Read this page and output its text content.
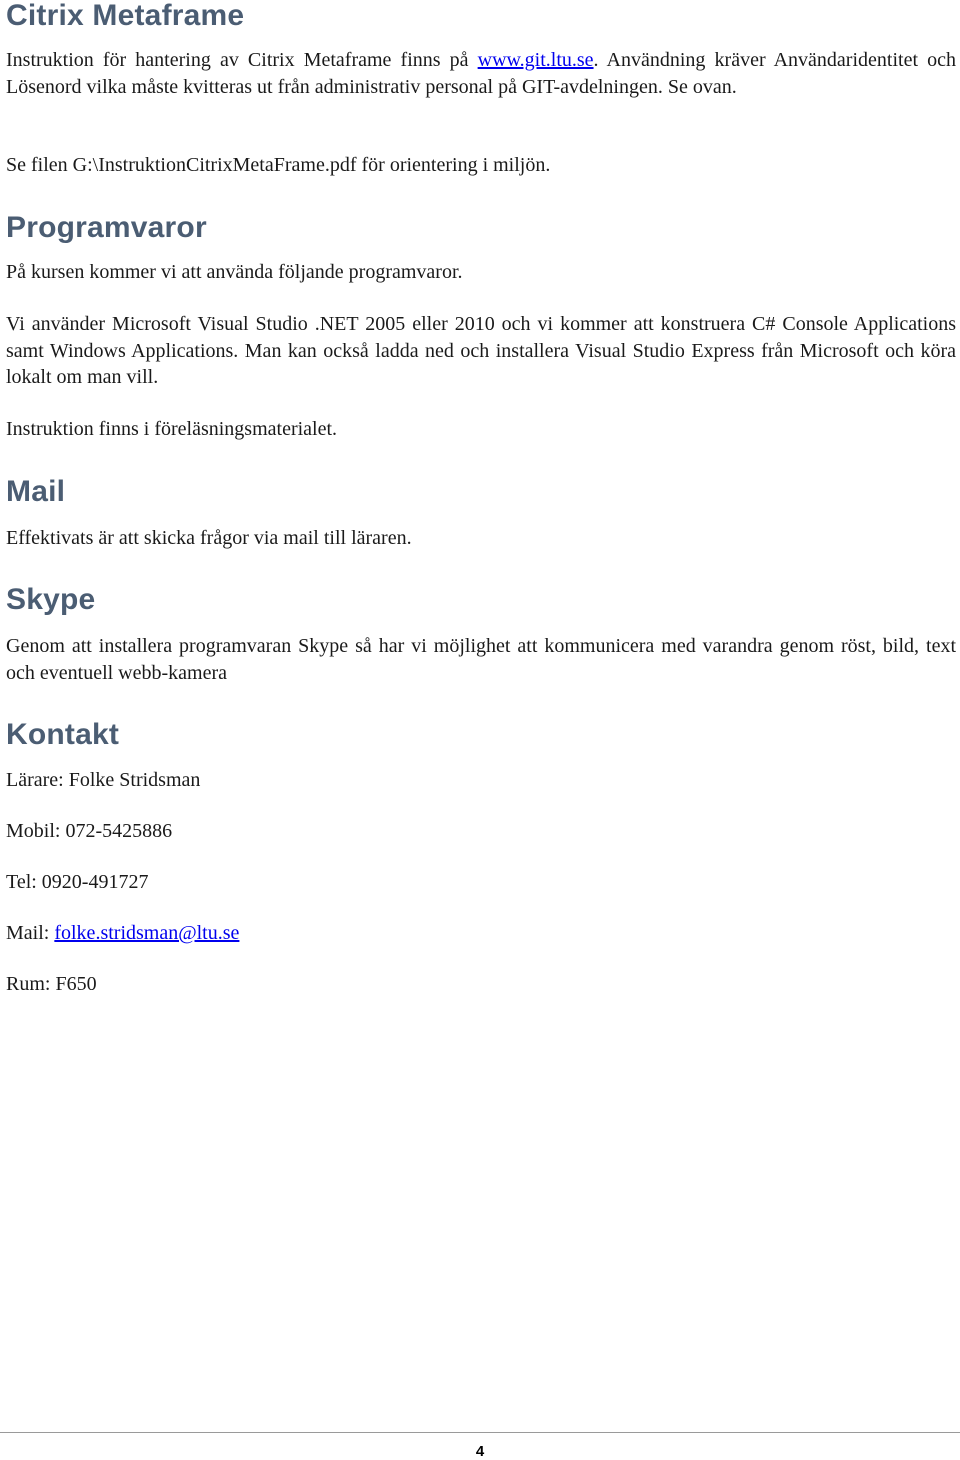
Citrix Metaframe

Instruktion för hantering av Citrix Metaframe finns på www.git.ltu.se. Användning kräver Användaridentitet och Lösenord vilka måste kvitteras ut från administrativ personal på GIT-avdelningen. Se ovan.

Se filen G:\InstruktionCitrixMetaFrame.pdf för orientering i miljön.

Programvaror

På kursen kommer vi att använda följande programvaror.

Vi använder Microsoft Visual Studio .NET 2005 eller 2010 och vi kommer att konstruera C# Console Applications samt Windows Applications. Man kan också ladda ned och installera Visual Studio Express från Microsoft och köra lokalt om man vill.

Instruktion finns i föreläsningsmaterialet.

Mail

Effektivats är att skicka frågor via mail till läraren.

Skype

Genom att installera programvaran Skype så har vi möjlighet att kommunicera med varandra genom röst, bild, text och eventuell webb-kamera

Kontakt

Lärare: Folke Stridsman

Mobil: 072-5425886

Tel: 0920-491727

Mail: folke.stridsman@ltu.se

Rum: F650

4
